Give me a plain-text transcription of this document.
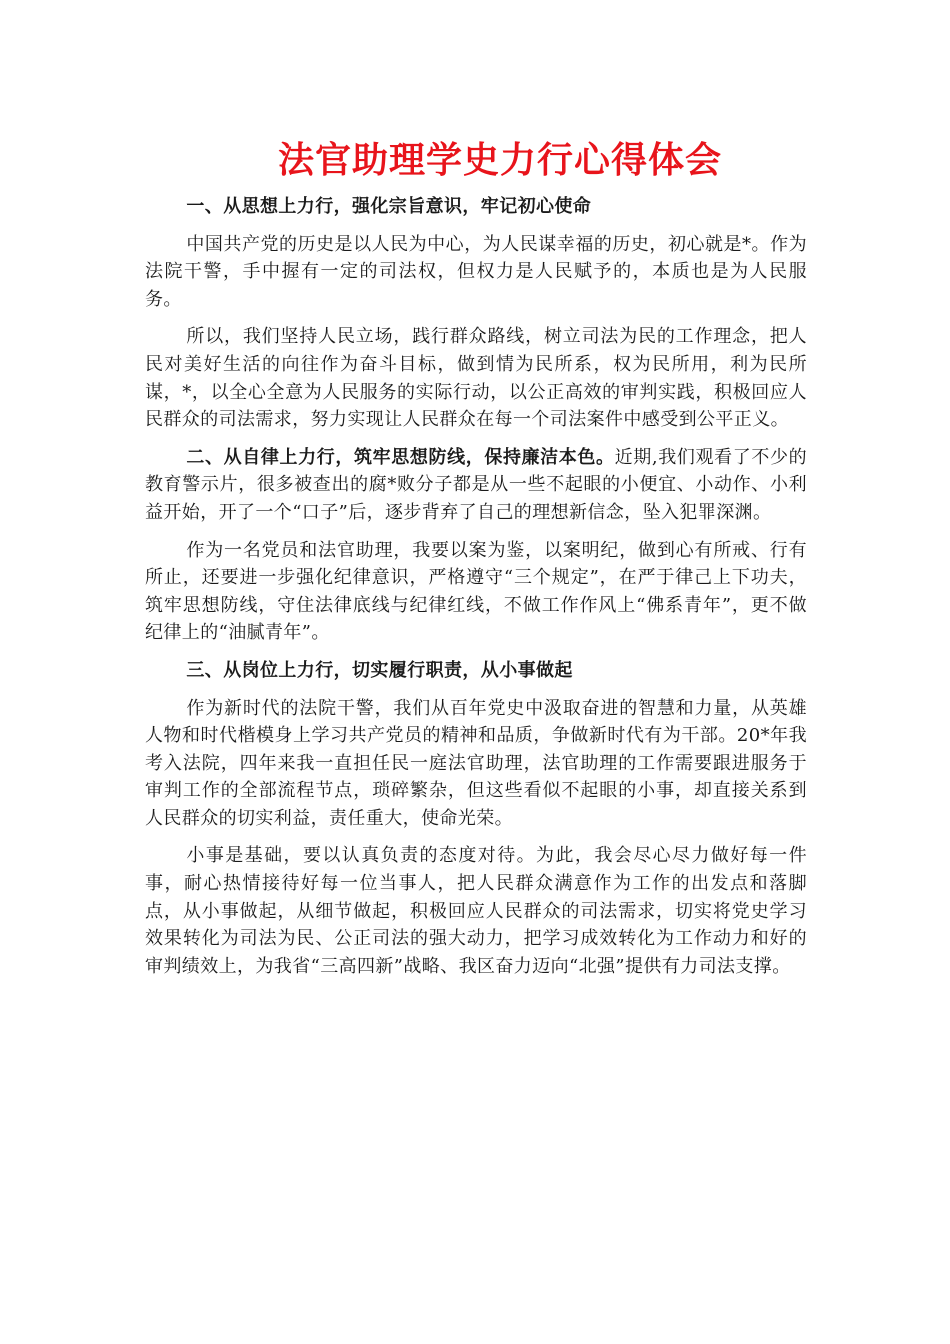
法官助理学史力行心得体会

一、从思想上力行，强化宗旨意识，牢记初心使命

中国共产党的历史是以人民为中心，为人民谋幸福的历史，初心就是*。作为法院干警，手中握有一定的司法权，但权力是人民赋予的，本质也是为人民服务。

所以，我们坚持人民立场，践行群众路线，树立司法为民的工作理念，把人民对美好生活的向往作为奋斗目标，做到情为民所系，权为民所用，利为民所谋，*，以全心全意为人民服务的实际行动，以公正高效的审判实践，积极回应人民群众的司法需求，努力实现让人民群众在每一个司法案件中感受到公平正义。

二、从自律上力行，筑牢思想防线，保持廉洁本色。近期,我们观看了不少的教育警示片，很多被查出的腐*败分子都是从一些不起眼的小便宜、小动作、小利益开始，开了一个“口子”后，逐步背弃了自己的理想新信念，坠入犯罪深渊。

作为一名党员和法官助理，我要以案为鉴，以案明纪，做到心有所戒、行有所止，还要进一步强化纪律意识，严格遵守“三个规定”，在严于律己上下功夫，筑牢思想防线，守住法律底线与纪律红线，不做工作作风上“佛系青年”，更不做纪律上的“油腻青年”。

三、从岗位上力行，切实履行职责，从小事做起

作为新时代的法院干警，我们从百年党史中汲取奋进的智慧和力量，从英雄人物和时代楷模身上学习共产党员的精神和品质，争做新时代有为干部。20*年我考入法院，四年来我一直担任民一庭法官助理，法官助理的工作需要跟进服务于审判工作的全部流程节点，琐碎繁杂，但这些看似不起眼的小事，却直接关系到人民群众的切实利益，责任重大，使命光荣。

小事是基础，要以认真负责的态度对待。为此，我会尽心尽力做好每一件事，耐心热情接待好每一位当事人，把人民群众满意作为工作的出发点和落脚点，从小事做起，从细节做起，积极回应人民群众的司法需求，切实将党史学习效果转化为司法为民、公正司法的强大动力，把学习成效转化为工作动力和好的审判绩效上，为我省“三高四新”战略、我区奋力迈向“北强”提供有力司法支撑。
